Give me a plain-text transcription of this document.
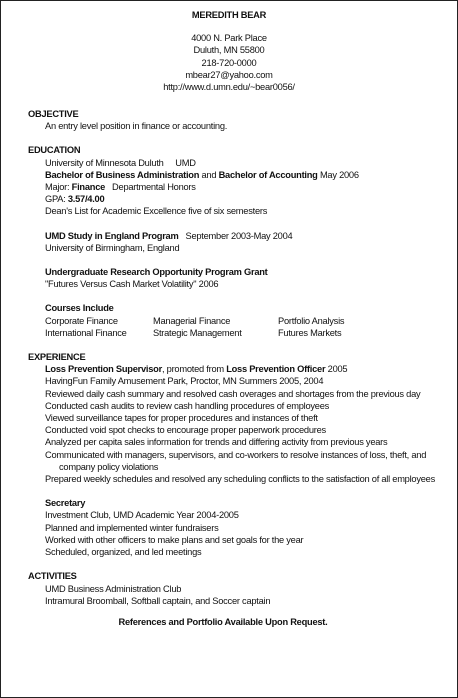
MEREDITH BEAR
4000 N. Park Place
Duluth, MN 55800
218-720-0000
mbear27@yahoo.com
http://www.d.umn.edu/~bear0056/
OBJECTIVE
An entry level position in finance or accounting.
EDUCATION
University of Minnesota Duluth     UMD
Bachelor of Business Administration and Bachelor of Accounting May 2006
Major: Finance   Departmental Honors
GPA: 3.57/4.00
Dean's List for Academic Excellence five of six semesters
UMD Study in England Program   September 2003-May 2004
University of Birmingham, England
Undergraduate Research Opportunity Program Grant
"Futures Versus Cash Market Volatility" 2006
Courses Include
Corporate Finance	Managerial Finance	Portfolio Analysis
International Finance	Strategic Management	Futures Markets
EXPERIENCE
Loss Prevention Supervisor, promoted from Loss Prevention Officer 2005
HavingFun Family Amusement Park, Proctor, MN Summers 2005, 2004
Reviewed daily cash summary and resolved cash overages and shortages from the previous day
Conducted cash audits to review cash handling procedures of employees
Viewed surveillance tapes for proper procedures and instances of theft
Conducted void spot checks to encourage proper paperwork procedures
Analyzed per capita sales information for trends and differing activity from previous years
Communicated with managers, supervisors, and co-workers to resolve instances of loss, theft, and company policy violations
Prepared weekly schedules and resolved any scheduling conflicts to the satisfaction of all employees
Secretary
Investment Club, UMD Academic Year 2004-2005
Planned and implemented winter fundraisers
Worked with other officers to make plans and set goals for the year
Scheduled, organized, and led meetings
ACTIVITIES
UMD Business Administration Club
Intramural Broomball, Softball captain, and Soccer captain
References and Portfolio Available Upon Request.
